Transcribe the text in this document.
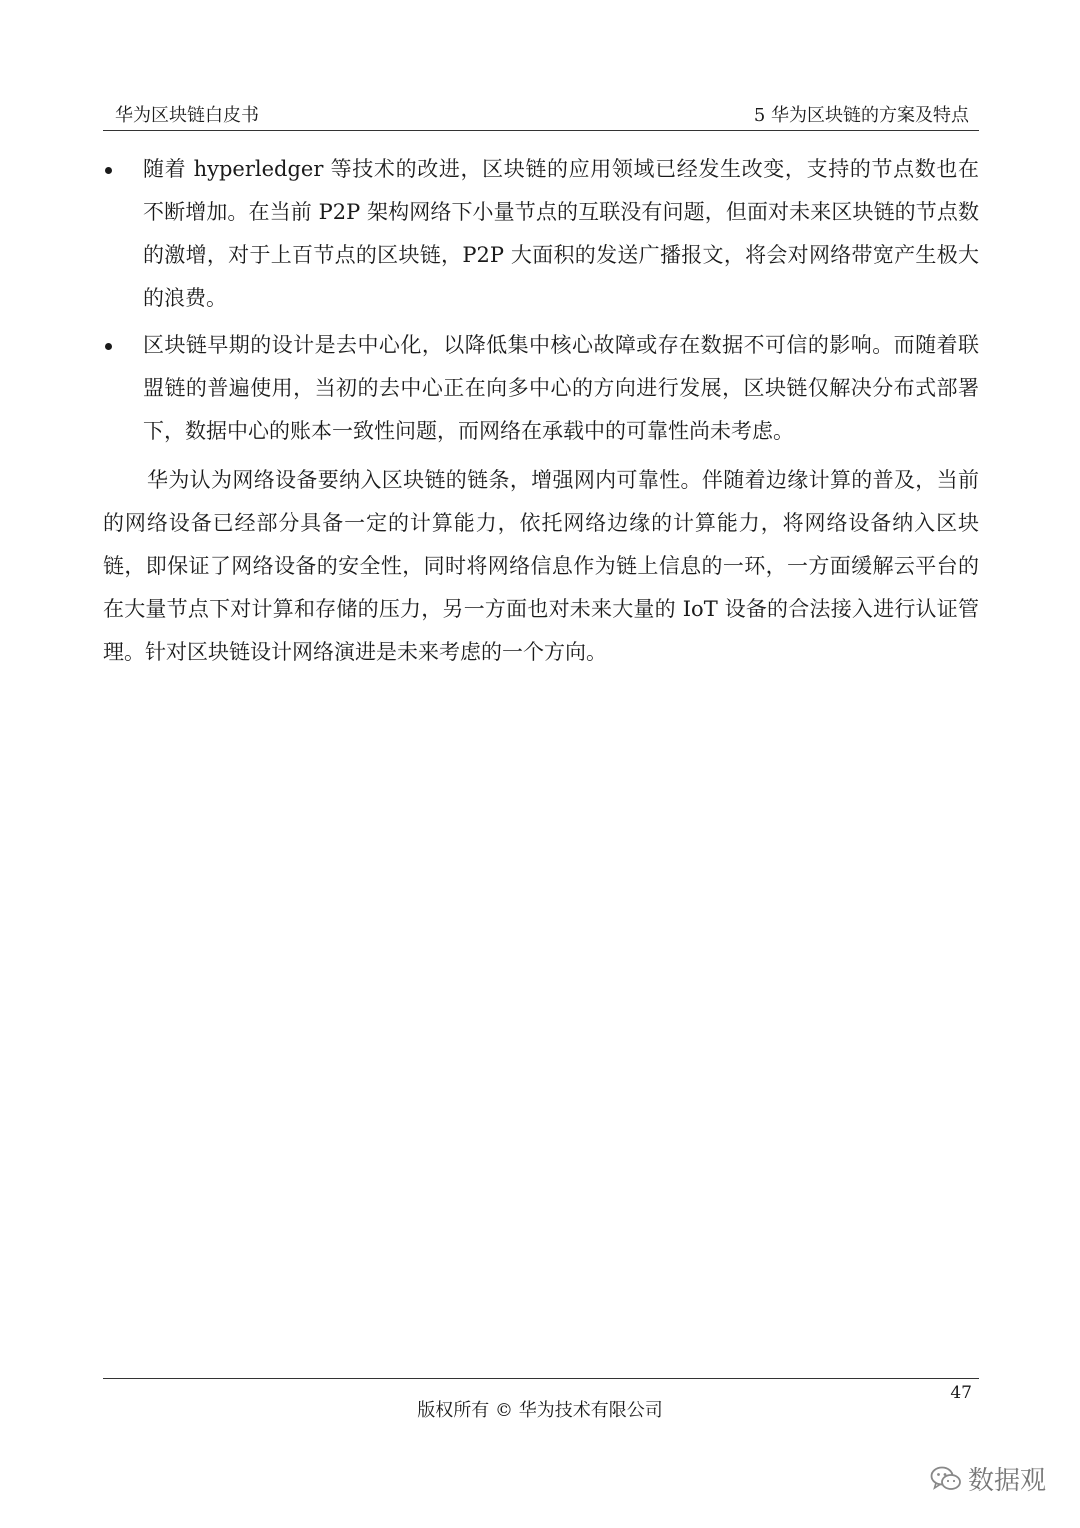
华为区块链白皮书	5 华为区块链的方案及特点
随着 hyperledger 等技术的改进，区块链的应用领域已经发生改变，支持的节点数也在不断增加。在当前 P2P 架构网络下小量节点的互联没有问题，但面对未来区块链的节点数的激增，对于上百节点的区块链，P2P 大面积的发送广播报文，将会对网络带宽产生极大的浪费。
区块链早期的设计是去中心化，以降低集中核心故障或存在数据不可信的影响。而随着联盟链的普遍使用，当初的去中心正在向多中心的方向进行发展，区块链仅解决分布式部署下，数据中心的账本一致性问题，而网络在承载中的可靠性尚未考虑。

华为认为网络设备要纳入区块链的链条，增强网内可靠性。伴随着边缘计算的普及，当前的网络设备已经部分具备一定的计算能力，依托网络边缘的计算能力，将网络设备纳入区块链，即保证了网络设备的安全性，同时将网络信息作为链上信息的一环，一方面缓解云平台的在大量节点下对计算和存储的压力，另一方面也对未来大量的 IoT 设备的合法接入进行认证管理。针对区块链设计网络演进是未来考虑的一个方向。

47
版权所有 © 华为技术有限公司
数据观
